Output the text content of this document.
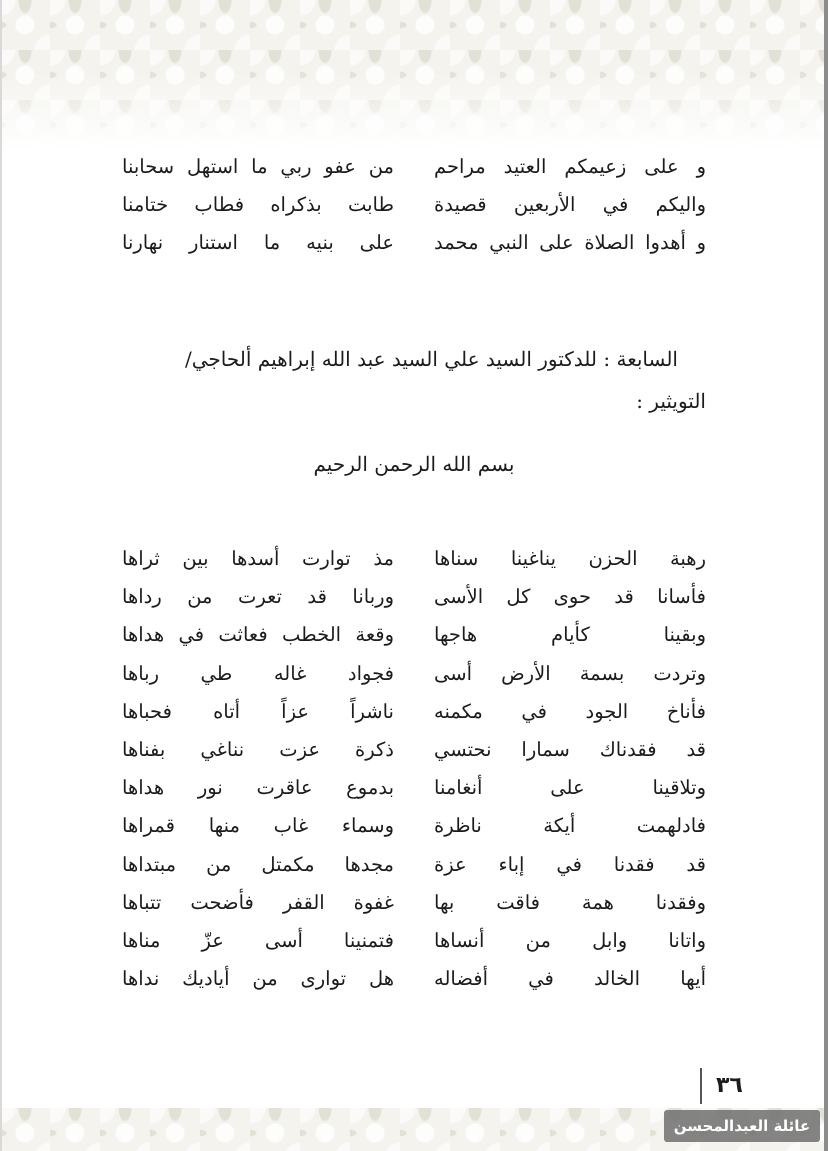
و على زعيمكم العتيد مراحم
من عفو ربي ما استهل سحابنا
واليكم في الأربعين قصيدة
طابت بذكراه فطاب ختامنا
و أهدوا الصلاة على النبي محمد
على بنيه ما استنار نهارنا
السابعة : للدكتور السيد علي السيد عبد الله إبراهيم ألحاجي/
التويثير :
بسم الله الرحمن الرحيم
رهبة الحزن يناغينا سناها
مذ توارت أسدها بين ثراها
فأسانا قد حوى كل الأسى
وربانا قد تعرت من رداها
وبقينا كأيام هاجها
وقعة الخطب فعاثت في هداها
وتردت بسمة الأرض أسى
فجواد غاله طي رباها
فأناخ الجود في مكمنه
ناشراً عزاً أتاه فحباها
قد فقدناك سمارا نحتسي
ذكرة عزت نناغي بفناها
وتلاقينا على أنغامنا
بدموع عاقرت نور هداها
فادلهمت أيكة ناظرة
وسماء غاب منها قمراها
قد فقدنا في إباء عزة
مجدها مكمتل من مبتداها
وفقدنا همة فاقت بها
غفوة القفر فأضحت تتباها
واتانا وابل من أنساها
فتمنينا أسى عزّ مناها
أيها الخالد في أفضاله
هل توارى من أياديك نداها
٣٦
عائلة العبدالمحسن
